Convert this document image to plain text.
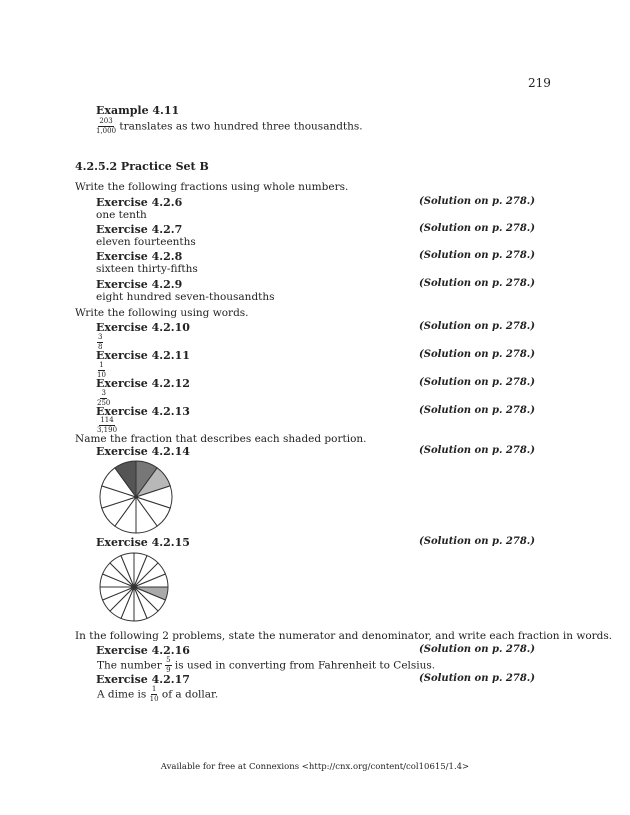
219
Example 4.11
$\frac{203}{1,000}$ translates as two hundred three thousandths.
4.2.5.2 Practice Set B
Write the following fractions using whole numbers.
Exercise 4.2.6	(Solution on p. 278.)
one tenth
Exercise 4.2.7	(Solution on p. 278.)
eleven fourteenths
Exercise 4.2.8	(Solution on p. 278.)
sixteen thirty-fifths
Exercise 4.2.9	(Solution on p. 278.)
eight hundred seven-thousandths
Write the following using words.
Exercise 4.2.10	(Solution on p. 278.)
$\frac{3}{8}$
Exercise 4.2.11	(Solution on p. 278.)
$\frac{1}{10}$
Exercise 4.2.12	(Solution on p. 278.)
$\frac{3}{250}$
Exercise 4.2.13	(Solution on p. 278.)
$\frac{114}{3,190}$
Name the fraction that describes each shaded portion.
Exercise 4.2.14	(Solution on p. 278.)
Exercise 4.2.15	(Solution on p. 278.)
In the following 2 problems, state the numerator and denominator, and write each fraction in words.
Exercise 4.2.16	(Solution on p. 278.)
The number $\frac{5}{9}$ is used in converting from Fahrenheit to Celsius.
Exercise 4.2.17	(Solution on p. 278.)
A dime is $\frac{1}{10}$ of a dollar.
Available for free at Connexions <http://cnx.org/content/col10615/1.4>
